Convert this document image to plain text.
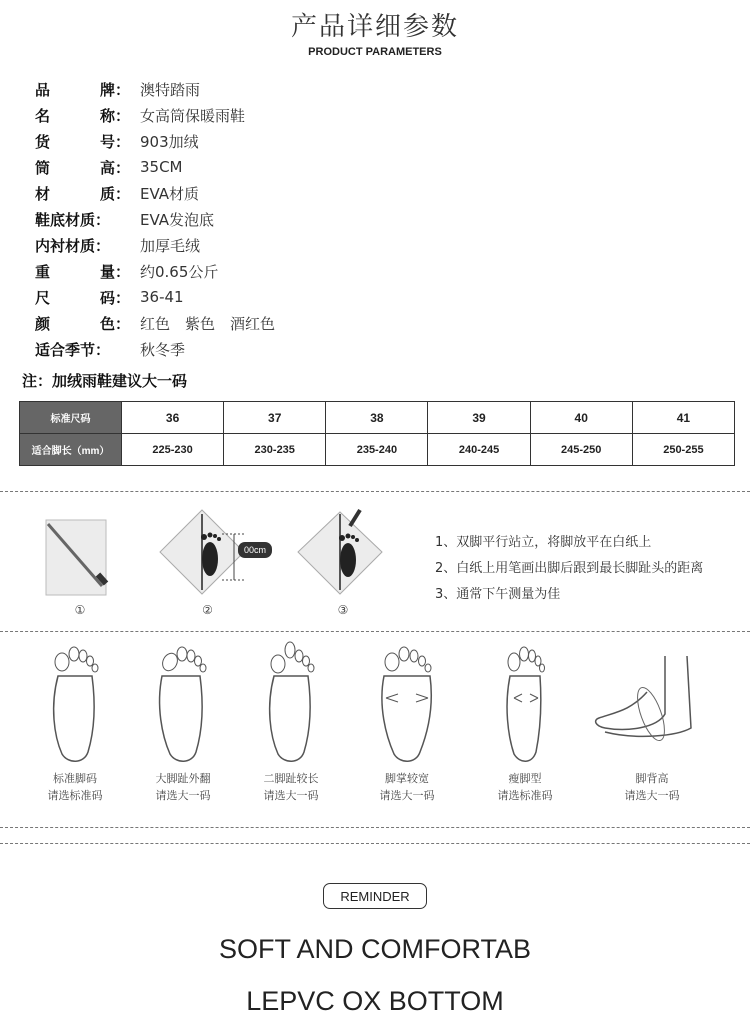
产品详细参数
PRODUCT PARAMETERS
品	牌： 澳特踏雨
名	称： 女高筒保暖雨鞋
货	号： 903加绒
筒	高： 35CM
材	质： EVA材质
鞋底材质： EVA发泡底
内衬材质： 加厚毛绒
重	量： 约0.65公斤
尺	码： 36-41
颜	色： 红色　紫色　酒红色
适合季节： 秋冬季
注：加绒雨鞋建议大一码
标准尺码	36	37	38	39	40	41
适合脚长（mm）	225-230	230-235	235-240	240-245	245-250	250-255
①
00cm
②	③
1、双脚平行站立，将脚放平在白纸上
2、白纸上用笔画出脚后跟到最长脚趾头的距离
3、通常下午测量为佳
标准脚码
请选标准码
大脚趾外翻
请选大一码
二脚趾较长
请选大一码
脚掌较宽
请选大一码
瘦脚型
请选标准码
脚背高
请选大一码
REMINDER
SOFT AND COMFORTAB
LEPVC OX BOTTOM
